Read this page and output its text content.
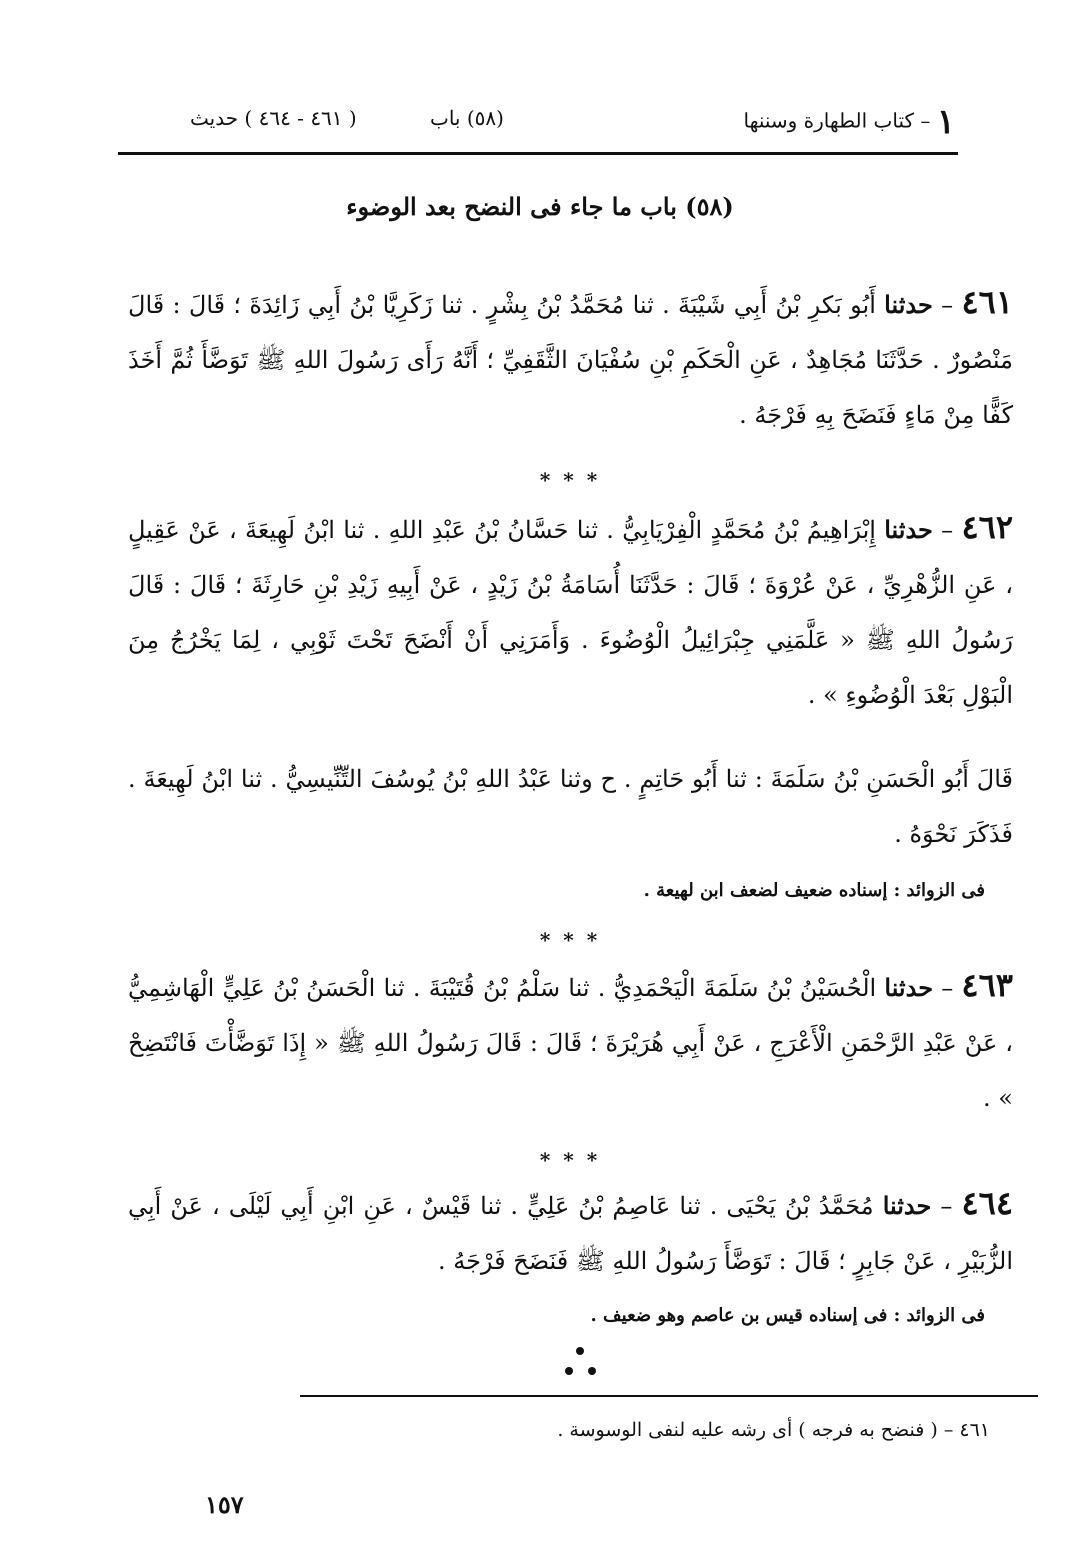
١ – كتاب الطهارة وسننها
(٥٨) باب
( ٤٦١ - ٤٦٤ ) حديث
(٥٨) باب ما جاء فى النضح بعد الوضوء
٤٦١ – حدثنا أَبُو بَكرِ بْنُ أَبِي شَيْبَةَ . ثنا مُحَمَّدُ بْنُ بِشْرٍ . ثنا زَكَرِيَّا بْنُ أَبِي زَائِدَةَ ؛ قَالَ : قَالَ مَنْصُورٌ . حَدَّثَنَا مُجَاهِدٌ ، عَنِ الْحَكَمِ بْنِ سُفْيَانَ الثَّقَفِيِّ ؛ أَنَّهُ رَأَى رَسُولَ اللهِ ﷺ تَوَضَّأَ ثُمَّ أَخَذَ كَفًّا مِنْ مَاءٍ فَنَضَحَ بِهِ فَرْجَهُ .
* * *
٤٦٢ – حدثنا إِبْرَاهِيمُ بْنُ مُحَمَّدٍ الْفِرْيَابِيُّ . ثنا حَسَّانُ بْنُ عَبْدِ اللهِ . ثنا ابْنُ لَهِيعَةَ ، عَنْ عَقِيلٍ ، عَنِ الزُّهْرِيِّ ، عَنْ عُرْوَةَ ؛ قَالَ : حَدَّثَنَا أُسَامَةُ بْنُ زَيْدٍ ، عَنْ أَبِيهِ زَيْدِ بْنِ حَارِثَةَ ؛ قَالَ : قَالَ رَسُولُ اللهِ ﷺ « عَلَّمَنِي جِبْرَائِيلُ الْوُضُوءَ . وَأَمَرَنِي أَنْ أَنْضَحَ تَحْتَ ثَوْبِي ، لِمَا يَخْرُجُ مِنَ الْبَوْلِ بَعْدَ الْوُضُوءِ » .
قَالَ أَبُو الْحَسَنِ بْنُ سَلَمَةَ : ثنا أَبُو حَاتِمٍ . ح وثنا عَبْدُ اللهِ بْنُ يُوسُفَ التِّنِّيسِيُّ . ثنا ابْنُ لَهِيعَةَ . فَذَكَرَ نَحْوَهُ .
فى الزوائد : إسناده ضعيف لضعف ابن لهيعة .
* * *
٤٦٣ – حدثنا الْحُسَيْنُ بْنُ سَلَمَةَ الْيَحْمَدِيُّ . ثنا سَلْمُ بْنُ قُتَيْبَةَ . ثنا الْحَسَنُ بْنُ عَلِيٍّ الْهَاشِمِيُّ ، عَنْ عَبْدِ الرَّحْمَنِ الْأَعْرَجِ ، عَنْ أَبِي هُرَيْرَةَ ؛ قَالَ : قَالَ رَسُولُ اللهِ ﷺ « إِذَا تَوَضَّأْتَ فَانْتَضِحْ » .
* * *
٤٦٤ – حدثنا مُحَمَّدُ بْنُ يَحْيَى . ثنا عَاصِمُ بْنُ عَلِيٍّ . ثنا قَيْسٌ ، عَنِ ابْنِ أَبِي لَيْلَى ، عَنْ أَبِي الزُّبَيْرِ ، عَنْ جَابِرٍ ؛ قَالَ : تَوَضَّأَ رَسُولُ اللهِ ﷺ فَنَضَحَ فَرْجَهُ .
فى الزوائد : فى إسناده قيس بن عاصم وهو ضعيف .
٤٦١ – ( فنضح به فرجه ) أى رشه عليه لنفى الوسوسة .
١٥٧
